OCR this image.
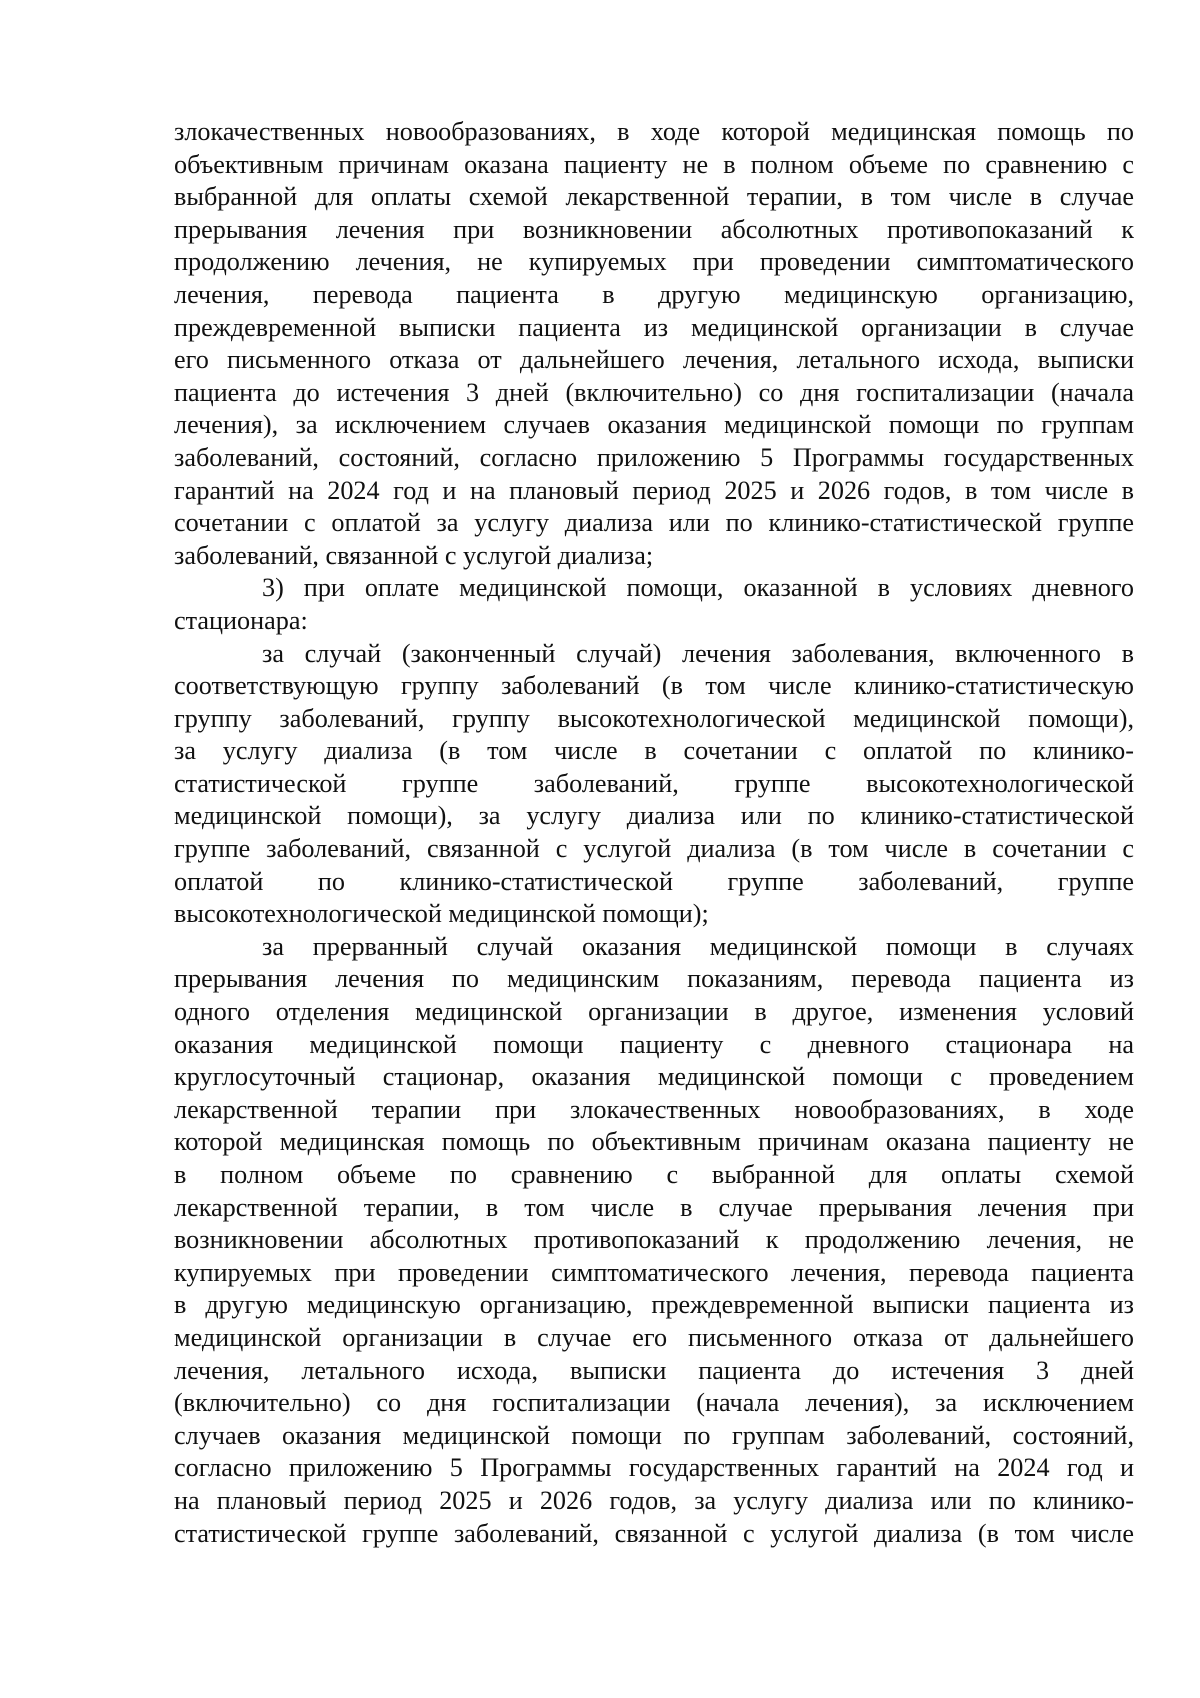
злокачественных новообразованиях, в ходе которой медицинская помощь по
объективным причинам оказана пациенту не в полном объеме по сравнению с
выбранной для оплаты схемой лекарственной терапии, в том числе в случае
прерывания лечения при возникновении абсолютных противопоказаний к
продолжению лечения, не купируемых при проведении симптоматического
лечения, перевода пациента в другую медицинскую организацию,
преждевременной выписки пациента из медицинской организации в случае
его письменного отказа от дальнейшего лечения, летального исхода, выписки
пациента до истечения 3 дней (включительно) со дня госпитализации (начала
лечения), за исключением случаев оказания медицинской помощи по группам
заболеваний, состояний, согласно приложению 5 Программы государственных
гарантий на 2024 год и на плановый период 2025 и 2026 годов, в том числе в
сочетании с оплатой за услугу диализа или по клинико-статистической группе
заболеваний, связанной с услугой диализа;
3) при оплате медицинской помощи, оказанной в условиях дневного
стационара:
за случай (законченный случай) лечения заболевания, включенного в
соответствующую группу заболеваний (в том числе клинико-статистическую
группу заболеваний, группу высокотехнологической медицинской помощи),
за услугу диализа (в том числе в сочетании с оплатой по клинико-
статистической группе заболеваний, группе высокотехнологической
медицинской помощи), за услугу диализа или по клинико-статистической
группе заболеваний, связанной с услугой диализа (в том числе в сочетании с
оплатой по клинико-статистической группе заболеваний, группе
высокотехнологической медицинской помощи);
за прерванный случай оказания медицинской помощи в случаях
прерывания лечения по медицинским показаниям, перевода пациента из
одного отделения медицинской организации в другое, изменения условий
оказания медицинской помощи пациенту с дневного стационара на
круглосуточный стационар, оказания медицинской помощи с проведением
лекарственной терапии при злокачественных новообразованиях, в ходе
которой медицинская помощь по объективным причинам оказана пациенту не
в полном объеме по сравнению с выбранной для оплаты схемой
лекарственной терапии, в том числе в случае прерывания лечения при
возникновении абсолютных противопоказаний к продолжению лечения, не
купируемых при проведении симптоматического лечения, перевода пациента
в другую медицинскую организацию, преждевременной выписки пациента из
медицинской организации в случае его письменного отказа от дальнейшего
лечения, летального исхода, выписки пациента до истечения 3 дней
(включительно) со дня госпитализации (начала лечения), за исключением
случаев оказания медицинской помощи по группам заболеваний, состояний,
согласно приложению 5 Программы государственных гарантий на 2024 год и
на плановый период 2025 и 2026 годов, за услугу диализа или по клинико-
статистической группе заболеваний, связанной с услугой диализа (в том числе
